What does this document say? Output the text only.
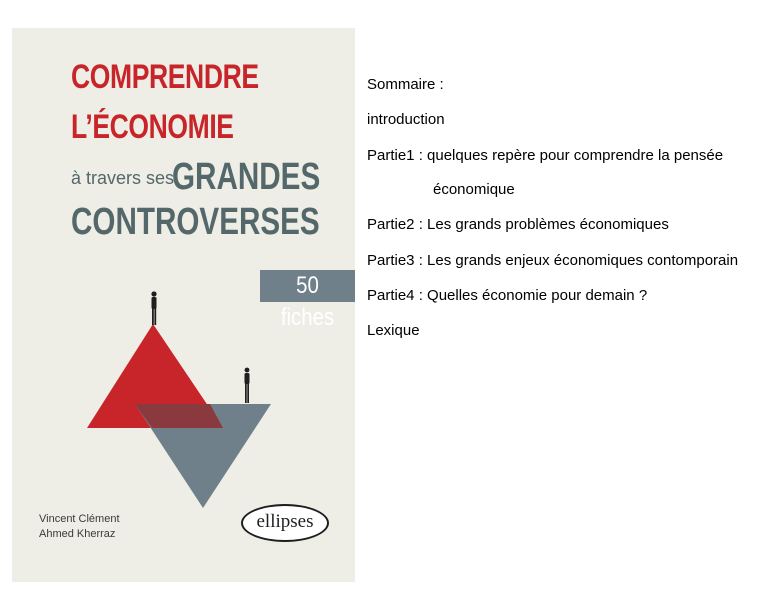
COMPRENDRE
L’ÉCONOMIE
à travers ses
GRANDES
CONTROVERSES
50 fiches
Vincent Clément
Ahmed Kherraz
ellipses
Sommaire :
introduction
Partie1 : quelques repère pour comprendre la pensée
économique
Partie2 : Les grands problèmes économiques
Partie3 : Les grands enjeux économiques contomporain
Partie4 : Quelles économie pour demain ?
Lexique
